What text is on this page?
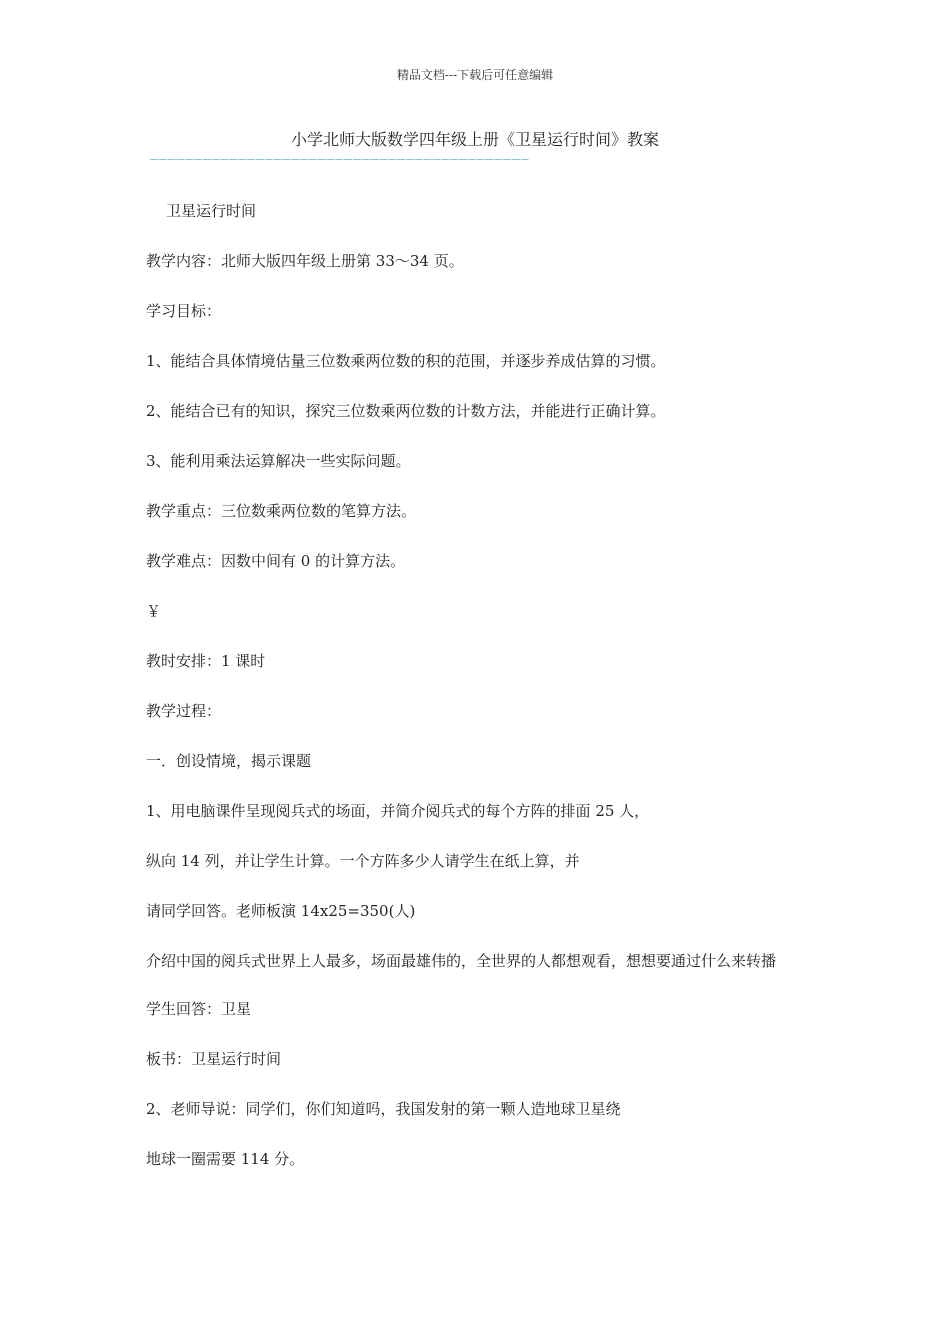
精品文档---下载后可任意编辑
小学北师大版数学四年级上册《卫星运行时间》教案
———————————————————————————————————————————

卫星运行时间

教学内容：北师大版四年级上册第 33～34 页。

学习目标：

1、能结合具体情境估量三位数乘两位数的积的范围，并逐步养成估算的习惯。

2、能结合已有的知识，探究三位数乘两位数的计数方法，并能进行正确计算。

3、能利用乘法运算解决一些实际问题。

教学重点：三位数乘两位数的笔算方法。

教学难点：因数中间有 0 的计算方法。

￥

教时安排：1 课时

教学过程：

一．创设情境，揭示课题

1、用电脑课件呈现阅兵式的场面，并简介阅兵式的每个方阵的排面 25 人，

纵向 14 列，并让学生计算。一个方阵多少人请学生在纸上算，并

请同学回答。老师板演 14x25=350(人)

介绍中国的阅兵式世界上人最多，场面最雄伟的，全世界的人都想观看，想想要通过什么来转播

学生回答：卫星

板书：卫星运行时间

2、老师导说：同学们，你们知道吗，我国发射的第一颗人造地球卫星绕

地球一圈需要 114 分。
